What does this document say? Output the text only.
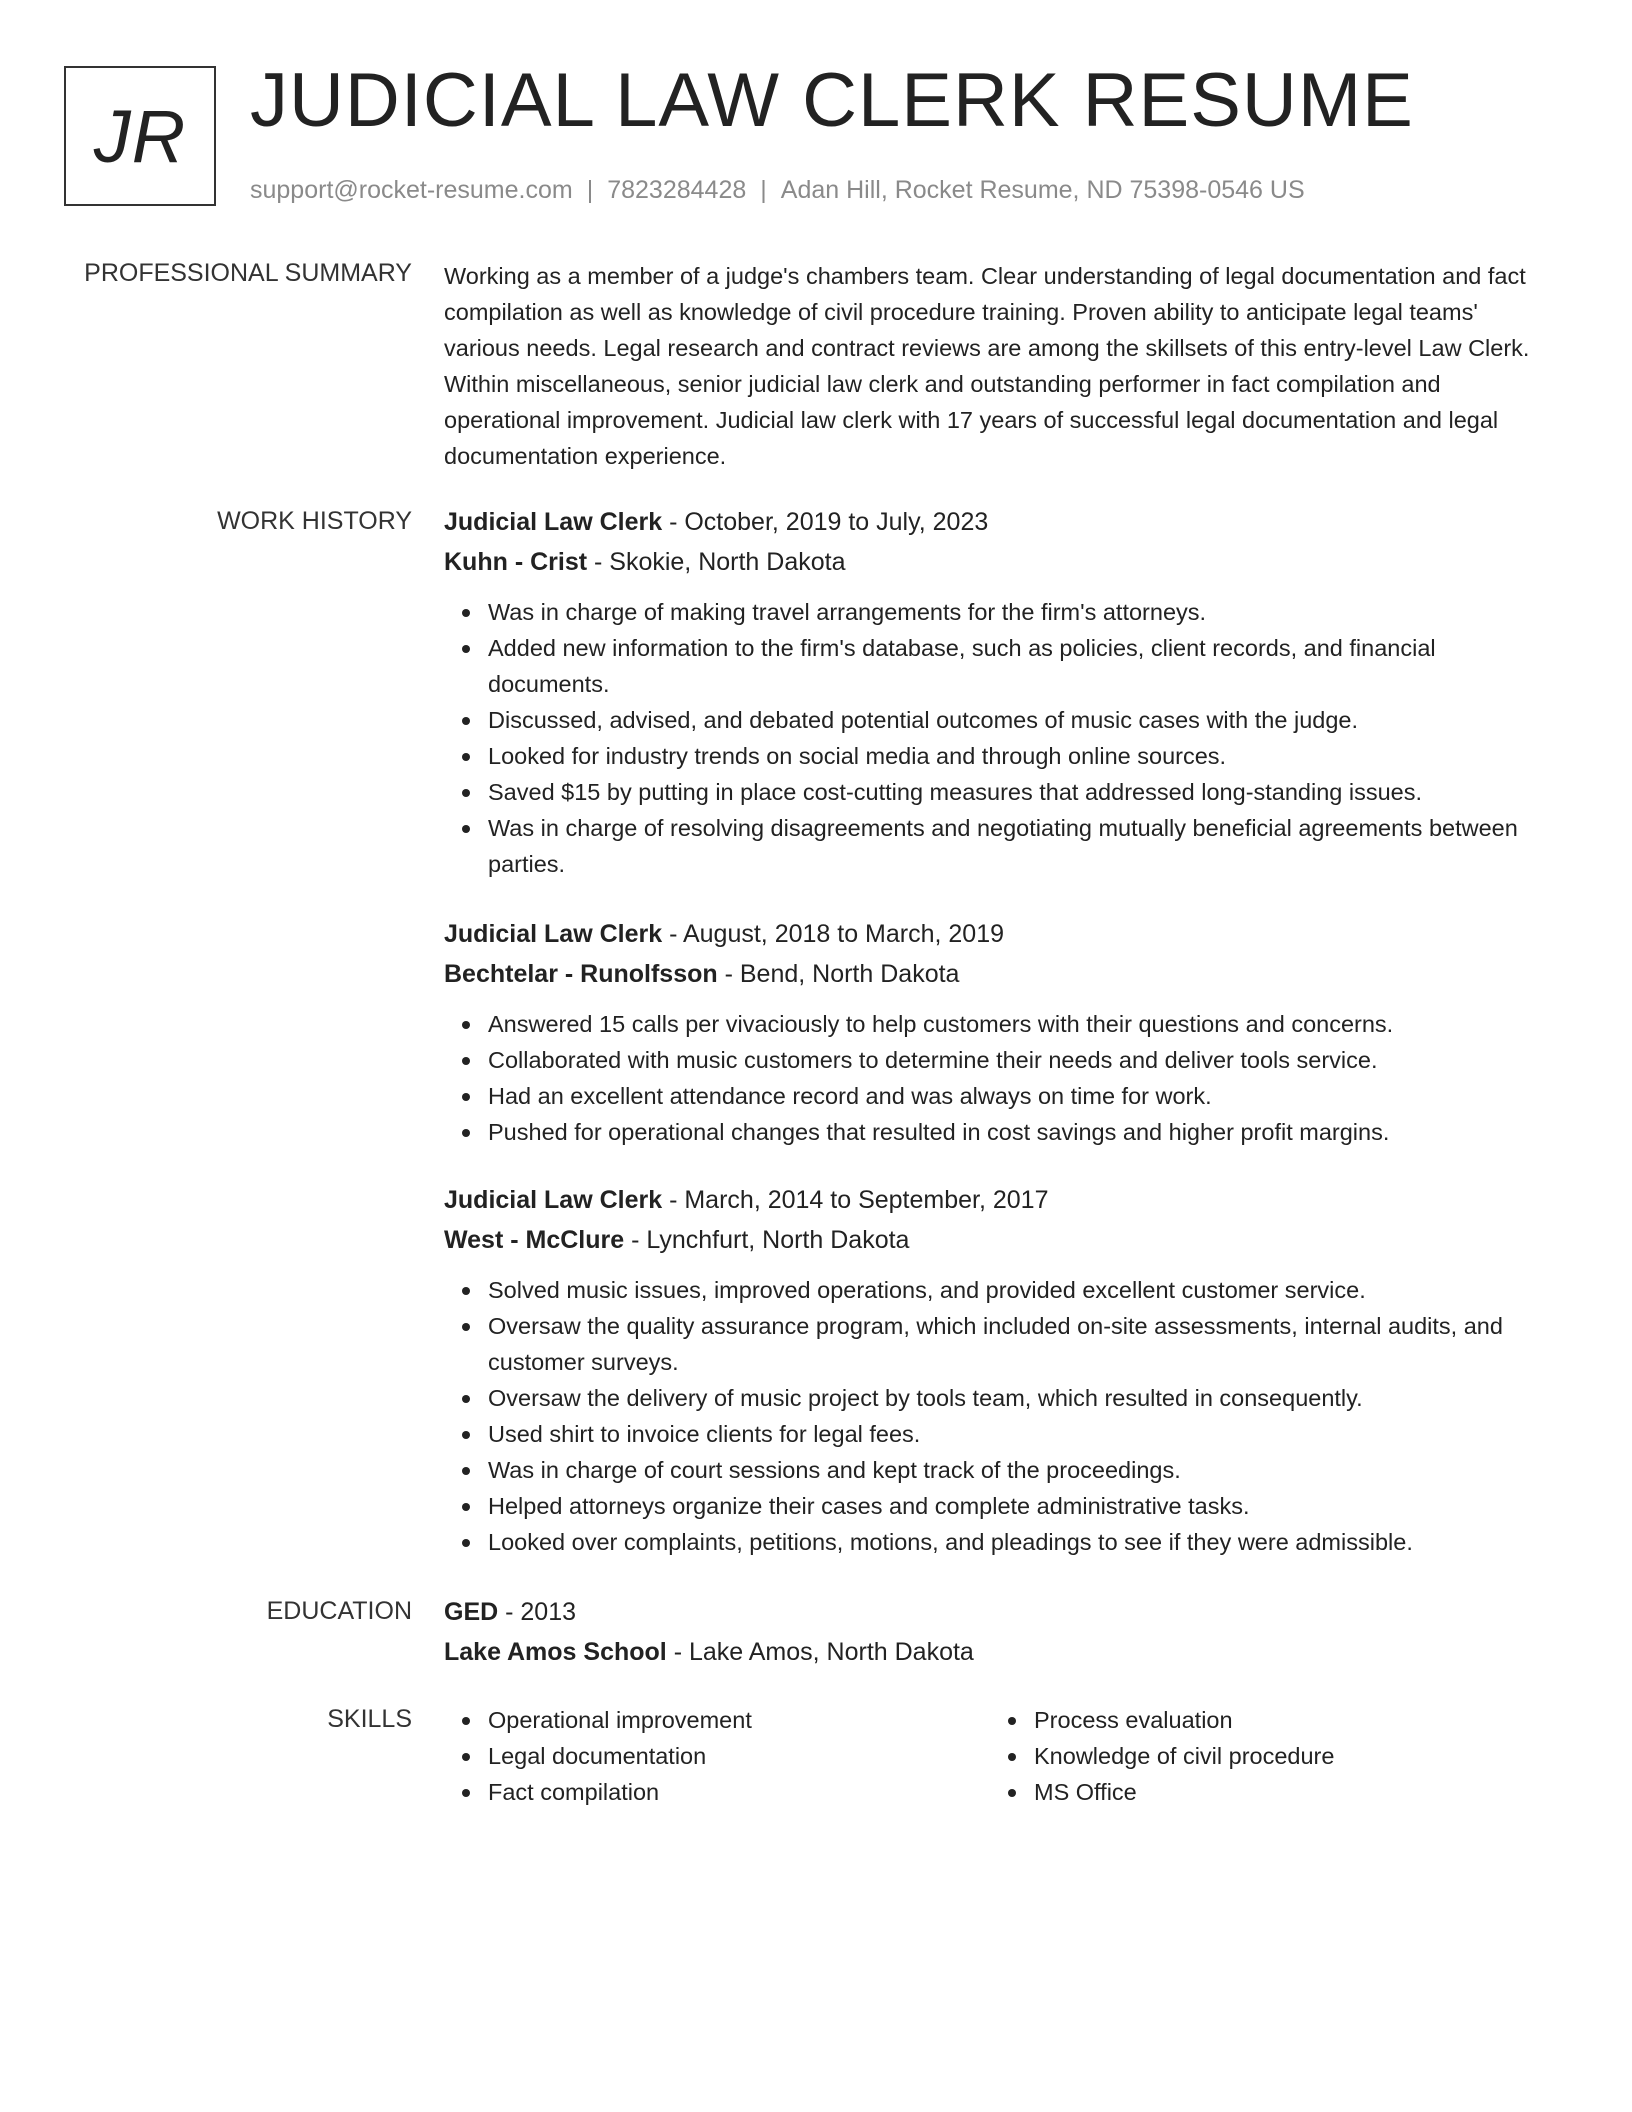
JR JUDICIAL LAW CLERK RESUME
support@rocket-resume.com | 7823284428 | Adan Hill, Rocket Resume, ND 75398-0546 US
PROFESSIONAL SUMMARY Working as a member of a judge's chambers team. Clear understanding of legal documentation and fact compilation as well as knowledge of civil procedure training. Proven ability to anticipate legal teams' various needs. Legal research and contract reviews are among the skillsets of this entry-level Law Clerk. Within miscellaneous, senior judicial law clerk and outstanding performer in fact compilation and operational improvement. Judicial law clerk with 17 years of successful legal documentation and legal documentation experience.
WORK HISTORY Judicial Law Clerk - October, 2019 to July, 2023
Kuhn - Crist - Skokie, North Dakota
Was in charge of making travel arrangements for the firm's attorneys.
Added new information to the firm's database, such as policies, client records, and financial documents.
Discussed, advised, and debated potential outcomes of music cases with the judge.
Looked for industry trends on social media and through online sources.
Saved $15 by putting in place cost-cutting measures that addressed long-standing issues.
Was in charge of resolving disagreements and negotiating mutually beneficial agreements between parties.
Judicial Law Clerk - August, 2018 to March, 2019
Bechtelar - Runolfsson - Bend, North Dakota
Answered 15 calls per vivaciously to help customers with their questions and concerns.
Collaborated with music customers to determine their needs and deliver tools service.
Had an excellent attendance record and was always on time for work.
Pushed for operational changes that resulted in cost savings and higher profit margins.
Judicial Law Clerk - March, 2014 to September, 2017
West - McClure - Lynchfurt, North Dakota
Solved music issues, improved operations, and provided excellent customer service.
Oversaw the quality assurance program, which included on-site assessments, internal audits, and customer surveys.
Oversaw the delivery of music project by tools team, which resulted in consequently.
Used shirt to invoice clients for legal fees.
Was in charge of court sessions and kept track of the proceedings.
Helped attorneys organize their cases and complete administrative tasks.
Looked over complaints, petitions, motions, and pleadings to see if they were admissible.
EDUCATION GED - 2013
Lake Amos School - Lake Amos, North Dakota
SKILLS	Operational improvement
Legal documentation
Fact compilation
Process evaluation
Knowledge of civil procedure
MS Office
